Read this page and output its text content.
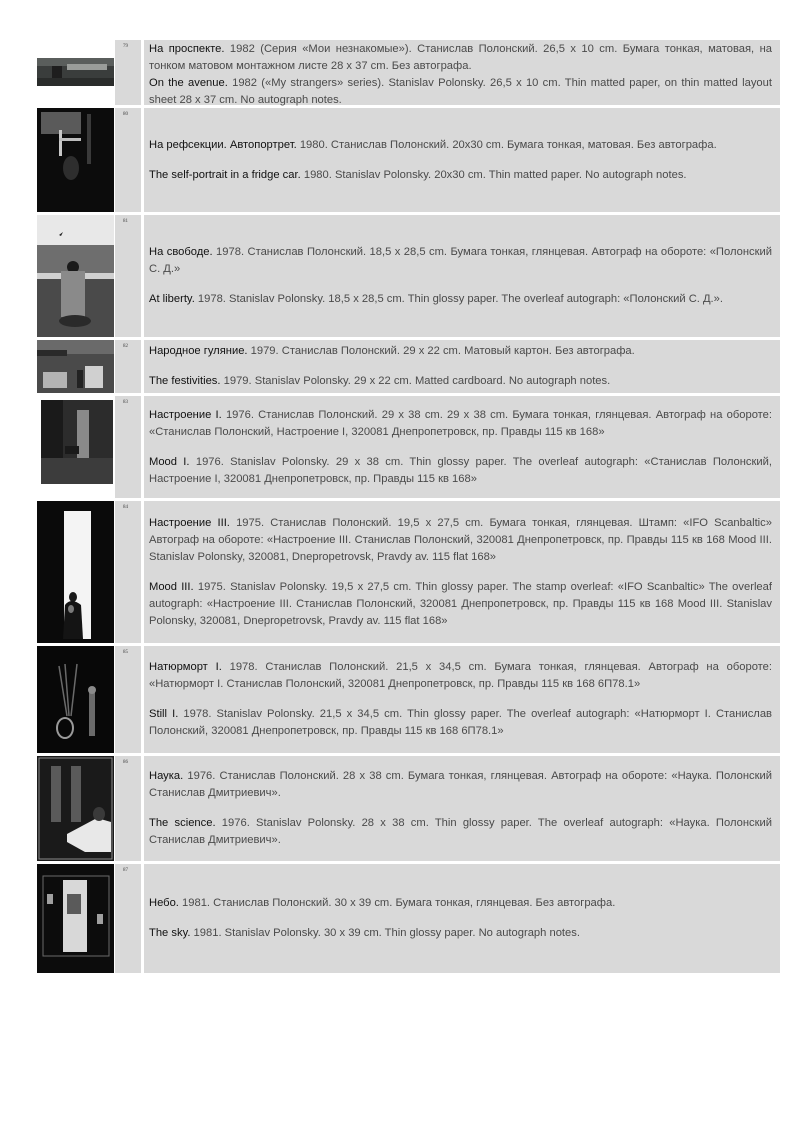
79	На проспекте. 1982 (Серия «Мои незнакомые»). Станислав Полонский. 26,5 x 10 cm. Бумага тонкая, матовая, на тонком матовом монтажном листе 28 x 37 cm. Без автографа.

On the avenue. 1982 («My strangers» series). Stanislav Polonsky. 26,5 x 10 cm. Thin matted paper, on thin matted layout sheet 28 x 37 cm. No autograph notes.

80

На рефсекции. Автопортрет. 1980. Станислав Полонский. 20x30 cm. Бумага тонкая, матовая. Без автографа.

The self-portrait in a fridge car. 1980. Stanislav Polonsky. 20x30 cm. Thin matted paper. No autograph notes.

81

На свободе. 1978. Станислав Полонский. 18,5 x 28,5 cm. Бумага тонкая, глянцевая. Автограф на обороте: «Полонский С. Д.»

At liberty. 1978. Stanislav Polonsky. 18,5 x 28,5 cm. Thin glossy paper. The overleaf autograph: «Полонский С. Д.».

82	Народное гуляние. 1979. Станислав Полонский. 29 x 22 cm. Матовый картон. Без автографа.

The festivities. 1979. Stanislav Polonsky. 29 x 22 cm. Matted cardboard. No autograph notes.

83

Настроение I. 1976. Станислав Полонский. 29 x 38 cm. 29 x 38 cm. Бумага тонкая, глянцевая. Автограф на обороте: «Станислав Полонский, Настроение I, 320081 Днепропетровск, пр. Правды 115 кв 168»

Mood I. 1976. Stanislav Polonsky. 29 x 38 cm. Thin glossy paper. The overleaf autograph: «Станислав Полонский, Настроение I, 320081 Днепропетровск, пр. Правды 115 кв 168»

84

Настроение III. 1975. Станислав Полонский. 19,5 x 27,5 cm. Бумага тонкая, глянцевая. Штамп: «IFO Scanbaltic» Автограф на обороте: «Настроение III. Станислав Полонский, 320081 Днепропетровск, пр. Правды 115 кв 168 Mood III. Stanislav Polonsky, 320081, Dnepropetrovsk, Pravdy av. 115 flat 168»

Mood III. 1975. Stanislav Polonsky. 19,5 x 27,5 cm. Thin glossy paper. The stamp overleaf: «IFO Scanbaltic» The overleaf autograph: «Настроение III. Станислав Полонский, 320081 Днепропетровск, пр. Правды 115 кв 168 Mood III. Stanislav Polonsky, 320081, Dnepropetrovsk, Pravdy av. 115 flat 168»

85

Натюрморт I. 1978. Станислав Полонский. 21,5 x 34,5 cm. Бумага тонкая, глянцевая. Автограф на обороте: «Натюрморт I. Станислав Полонский, 320081 Днепропетровск, пр. Правды 115 кв 168 6П78.1»

Still I. 1978. Stanislav Polonsky. 21,5 x 34,5 cm. Thin glossy paper. The overleaf autograph: «Натюрморт I. Станислав Полонский, 320081 Днепропетровск, пр. Правды 115 кв 168 6П78.1»

86

Наука. 1976. Станислав Полонский. 28 x 38 cm. Бумага тонкая, глянцевая. Автограф на обороте: «Наука. Полонский Станислав Дмитриевич».

The science. 1976. Stanislav Polonsky. 28 x 38 cm. Thin glossy paper. The overleaf autograph: «Наука. Полонский Станислав Дмитриевич».

87

Небо. 1981. Станислав Полонский. 30 x 39 cm. Бумага тонкая, глянцевая. Без автографа.

The sky. 1981. Stanislav Polonsky. 30 x 39 cm. Thin glossy paper. No autograph notes.
